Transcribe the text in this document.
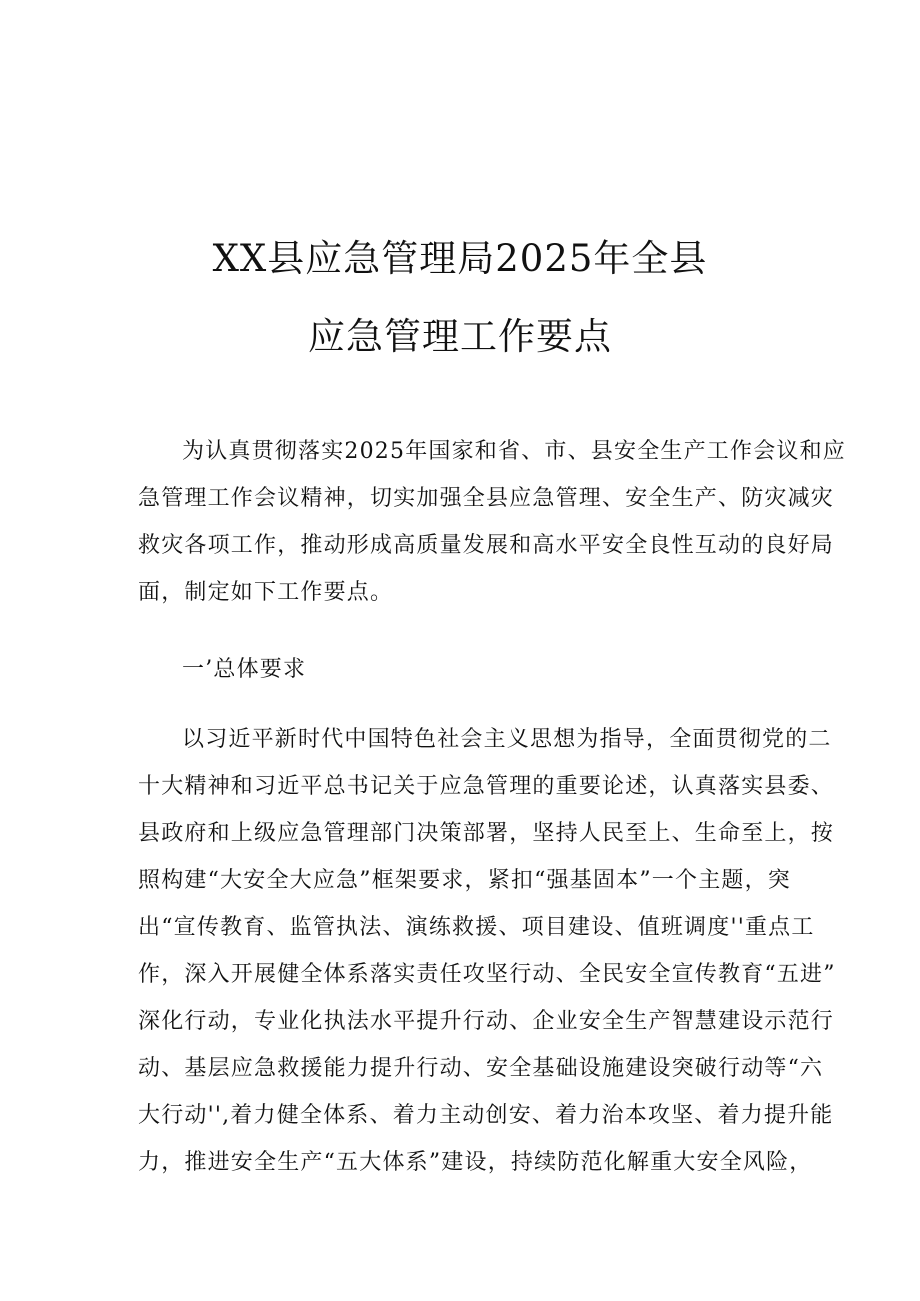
XX县应急管理局2025年全县
应急管理工作要点
为认真贯彻落实2025年国家和省、市、县安全生产工作会议和应
急管理工作会议精神，切实加强全县应急管理、安全生产、防灾减灾
救灾各项工作，推动形成高质量发展和高水平安全良性互动的良好局
面，制定如下工作要点。
一’总体要求
以习近平新时代中国特色社会主义思想为指导，全面贯彻党的二
十大精神和习近平总书记关于应急管理的重要论述，认真落实县委、
县政府和上级应急管理部门决策部署，坚持人民至上、生命至上，按
照构建“大安全大应急”框架要求，紧扣“强基固本”一个主题，突
出“宣传教育、监管执法、演练救援、项目建设、值班调度''重点工
作，深入开展健全体系落实责任攻坚行动、全民安全宣传教育“五进”
深化行动，专业化执法水平提升行动、企业安全生产智慧建设示范行
动、基层应急救援能力提升行动、安全基础设施建设突破行动等“六
大行动'',着力健全体系、着力主动创安、着力治本攻坚、着力提升能
力，推进安全生产“五大体系”建设，持续防范化解重大安全风险，
